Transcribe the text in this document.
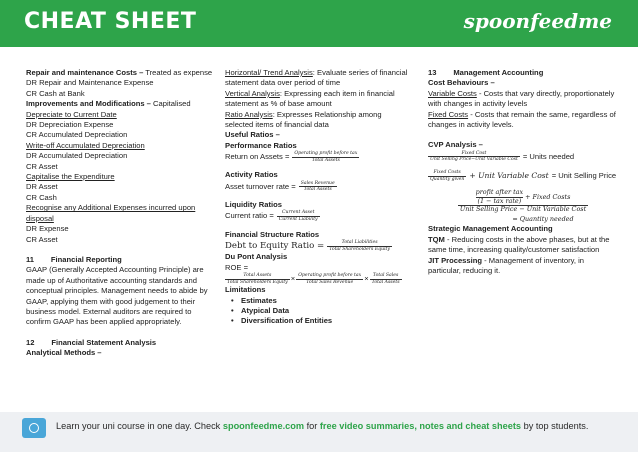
CHEAT SHEET	spoonfeedme
Repair and maintenance Costs – Treated as expense
DR Repair and Maintenance Expense
CR Cash at Bank
Improvements and Modifications – Capitalised
Depreciate to Current Date
DR Depreciation Expense
CR Accumulated Depreciation
Write-off Accumulated Depreciation
DR Accumulated Depreciation
CR Asset
Capitalise the Expenditure
DR Asset
CR Cash
Recognise any Additional Expenses incurred upon disposal
DR Expense
CR Asset
11        Financial Reporting
GAAP (Generally Accepted Accounting Principle) are made up of Authoritative accounting standards and conceptual principles. Management needs to abide by GAAP, applying them with good judgement to their business model. External auditors are required to confirm GAAP has been applied appropriately.
12        Financial Statement Analysis
Analytical Methods –
Horizontal/ Trend Analysis: Evaluate series of financial statement data over period of time
Vertical Analysis: Expressing each item in financial statement as % of base amount
Ratio Analysis: Expresses Relationship among selected items of financial data
Useful Ratios –
Performance Ratios
Return on Assets = $\frac{\text{Operating profit before tax}}{\text{Total Assets}}$
Activity Ratios
Asset turnover rate = $\frac{\text{Sales Revenue}}{\text{Total Assets}}$
Liquidity Ratios
Current ratio = $\frac{\text{Current Asset}}{\text{Current Liability}}$
Financial Structure Ratios
Debt to Equity Ratio = $\frac{\text{Total Liabilities}}{\text{Total Shareholders Equity}}$
Du Pont Analysis
ROE =
$\frac{\text{Total Assets}}{\text{Total Shareholders Equity}} \times \frac{\text{Operating profit before tax}}{\text{Total Sales Revenue}} \times \frac{\text{Total Sales}}{\text{Total Assets}}$
Limitations
• Estimates
• Atypical Data
• Diversification of Entities
13        Management Accounting
Cost Behaviours –
Variable Costs - Costs that vary directly, proportionately with changes in activity levels
Fixed Costs - Costs that remain the same, regardless of changes in activity levels.
CVP Analysis –
$\frac{\text{Fixed Cost}}{\text{Unit Selling Price−Unit Variable Cost}}$ = Units needed
$\frac{\text{Fixed Costs}}{\text{Quantity given}}$ + Unit Variable Cost = Unit Selling Price
profit after tax
(1 − tax rate) + Fixed Costs
Unit Selling Price − Unit Variable Cost
= Quantity needed
Strategic Management Accounting
TQM - Reducing costs in the above phases, but at the same time, increasing quality/customer satisfaction
JIT Processing - Management of inventory, in particular, reducing it.
Learn your uni course in one day. Check spoonfeedme.com for free video summaries, notes and cheat sheets by top students.
